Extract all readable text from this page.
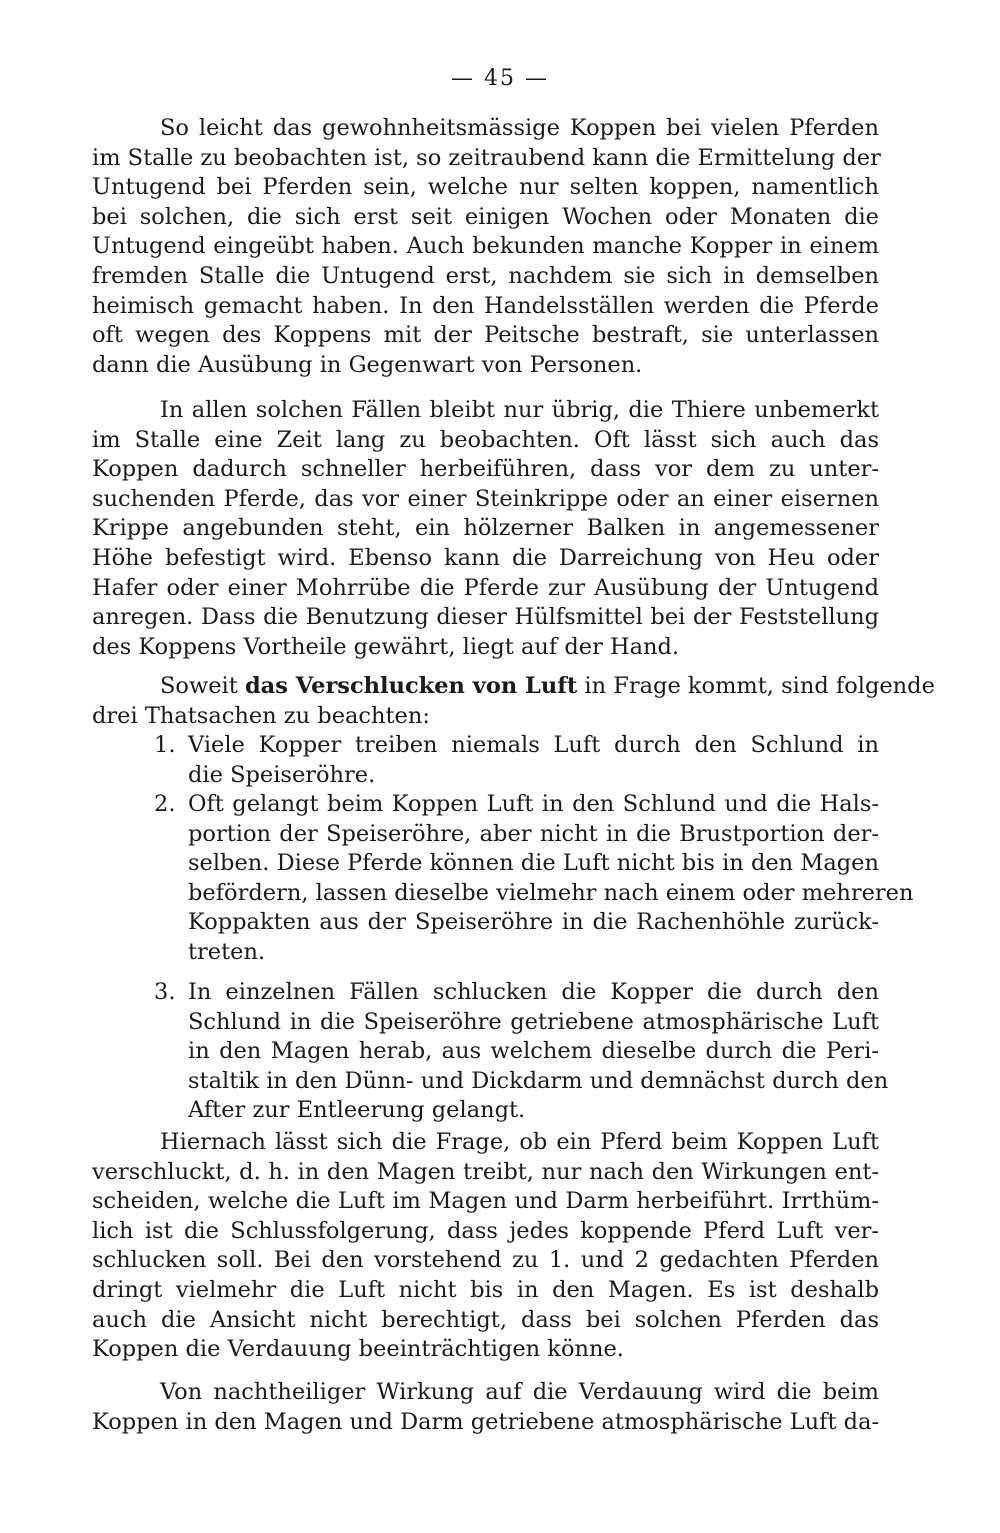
— 45 —
So leicht das gewohnheitsmässige Koppen bei vielen Pferden
im Stalle zu beobachten ist, so zeitraubend kann die Ermittelung der
Untugend bei Pferden sein, welche nur selten koppen, namentlich
bei solchen, die sich erst seit einigen Wochen oder Monaten die
Untugend eingeübt haben. Auch bekunden manche Kopper in einem
fremden Stalle die Untugend erst, nachdem sie sich in demselben
heimisch gemacht haben. In den Handelsställen werden die Pferde
oft wegen des Koppens mit der Peitsche bestraft, sie unterlassen
dann die Ausübung in Gegenwart von Personen.
In allen solchen Fällen bleibt nur übrig, die Thiere unbemerkt
im Stalle eine Zeit lang zu beobachten. Oft lässt sich auch das
Koppen dadurch schneller herbeiführen, dass vor dem zu unter-
suchenden Pferde, das vor einer Steinkrippe oder an einer eisernen
Krippe angebunden steht, ein hölzerner Balken in angemessener
Höhe befestigt wird. Ebenso kann die Darreichung von Heu oder
Hafer oder einer Mohrrübe die Pferde zur Ausübung der Untugend
anregen. Dass die Benutzung dieser Hülfsmittel bei der Feststellung
des Koppens Vortheile gewährt, liegt auf der Hand.
Soweit das Verschlucken von Luft in Frage kommt, sind folgende
drei Thatsachen zu beachten:
1. Viele Kopper treiben niemals Luft durch den Schlund in
die Speiseröhre.
2. Oft gelangt beim Koppen Luft in den Schlund und die Hals-
portion der Speiseröhre, aber nicht in die Brustportion der-
selben. Diese Pferde können die Luft nicht bis in den Magen
befördern, lassen dieselbe vielmehr nach einem oder mehreren
Koppakten aus der Speiseröhre in die Rachenhöhle zurück-
treten.
3. In einzelnen Fällen schlucken die Kopper die durch den
Schlund in die Speiseröhre getriebene atmosphärische Luft
in den Magen herab, aus welchem dieselbe durch die Peri-
staltik in den Dünn- und Dickdarm und demnächst durch den
After zur Entleerung gelangt.
Hiernach lässt sich die Frage, ob ein Pferd beim Koppen Luft
verschluckt, d. h. in den Magen treibt, nur nach den Wirkungen ent-
scheiden, welche die Luft im Magen und Darm herbeiführt. Irrthüm-
lich ist die Schlussfolgerung, dass jedes koppende Pferd Luft ver-
schlucken soll. Bei den vorstehend zu 1. und 2 gedachten Pferden
dringt vielmehr die Luft nicht bis in den Magen. Es ist deshalb
auch die Ansicht nicht berechtigt, dass bei solchen Pferden das
Koppen die Verdauung beeinträchtigen könne.
Von nachtheiliger Wirkung auf die Verdauung wird die beim
Koppen in den Magen und Darm getriebene atmosphärische Luft da-
